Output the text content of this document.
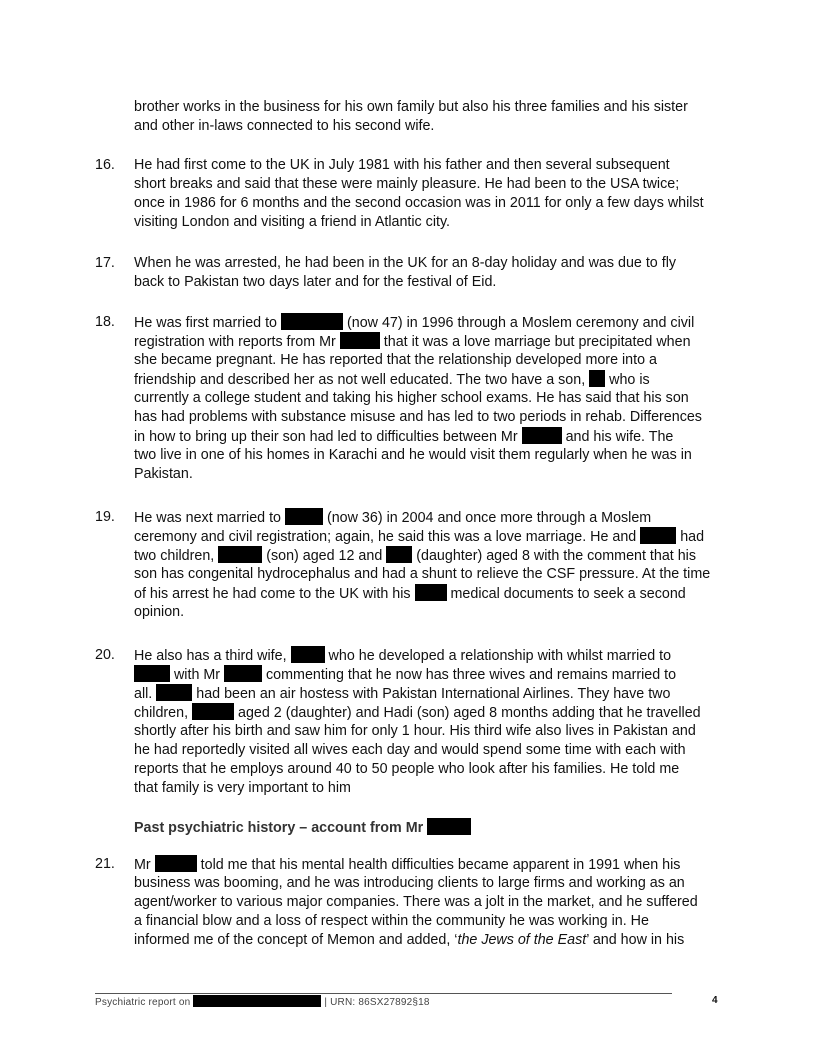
brother works in the business for his own family but also his three families and his sister
and other in-laws connected to his second wife.
16. He had first come to the UK in July 1981 with his father and then several subsequent
short breaks and said that these were mainly pleasure. He had been to the USA twice;
once in 1986 for 6 months and the second occasion was in 2011 for only a few days whilst
visiting London and visiting a friend in Atlantic city.
17. When he was arrested, he had been in the UK for an 8-day holiday and was due to fly
back to Pakistan two days later and for the festival of Eid.
18. He was first married to	(now 47) in 1996 through a Moslem ceremony and civil
registration with reports from Mr	that it was a love marriage but precipitated when
she became pregnant. He has reported that the relationship developed more into a
friendship and described her as not well educated. The two have a son, who is
currently a college student and taking his higher school exams. He has said that his son
has had problems with substance misuse and has led to two periods in rehab. Differences
in how to bring up their son had led to difficulties between Mr	and his wife. The
two live in one of his homes in Karachi and he would visit them regularly when he was in
Pakistan.
19. He was next married to	(now 36) in 2004 and once more through a Moslem
ceremony and civil registration; again, he said this was a love marriage. He and	had
two children,	(son) aged 12 and (daughter) aged 8 with the comment that his
son has congenital hydrocephalus and had a shunt to relieve the CSF pressure. At the time
of his arrest he had come to the UK with his	medical documents to seek a second
opinion.
20. He also has a third wife,	who he developed a relationship with whilst married to
with Mr	commenting that he now has three wives and remains married to
all.	had been an air hostess with Pakistan International Airlines. They have two
children,	aged 2 (daughter) and Hadi (son) aged 8 months adding that he travelled
shortly after his birth and saw him for only 1 hour. His third wife also lives in Pakistan and
he had reportedly visited all wives each day and would spend some time with each with
reports that he employs around 40 to 50 people who look after his families. He told me
that family is very important to him
Past psychiatric history – account from Mr
21. Mr	told me that his mental health difficulties became apparent in 1991 when his
business was booming, and he was introducing clients to large firms and working as an
agent/worker to various major companies. There was a jolt in the market, and he suffered
a financial blow and a loss of respect within the community he was working in. He
informed me of the concept of Memon and added, ‘the Jews of the East’ and how in his
Psychiatric report on	| URN: 86SX27892§18	4
